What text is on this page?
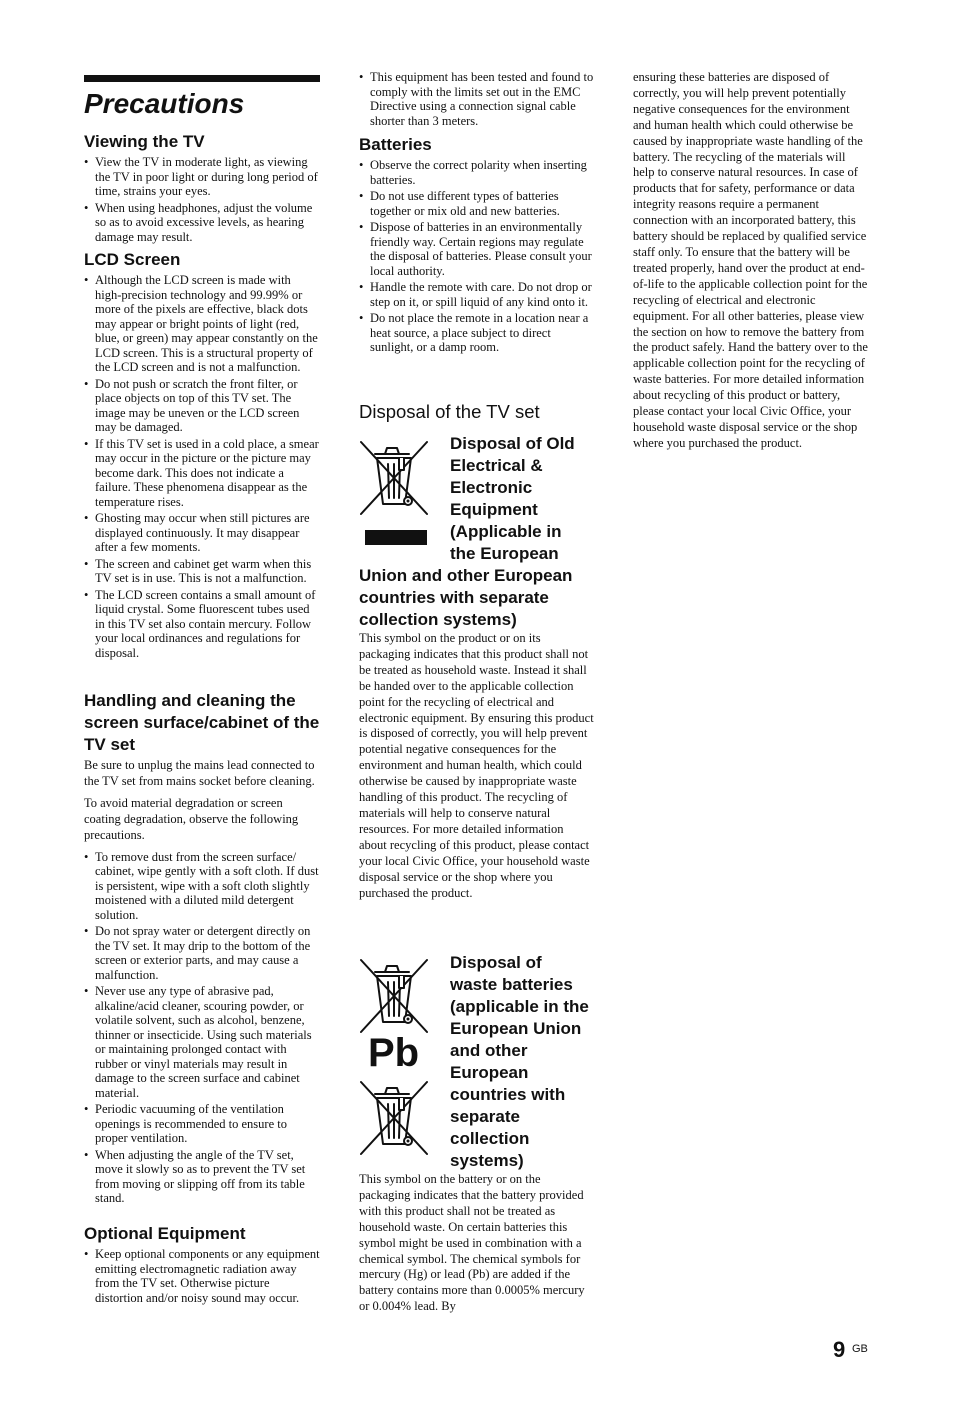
Precautions
Viewing the TV
• View the TV in moderate light, as viewing the TV in poor light or during long period of time, strains your eyes.
• When using headphones, adjust the volume so as to avoid excessive levels, as hearing damage may result.
LCD Screen
• Although the LCD screen is made with high-precision technology and 99.99% or more of the pixels are effective, black dots may appear or bright points of light (red, blue, or green) may appear constantly on the LCD screen. This is a structural property of the LCD screen and is not a malfunction.
• Do not push or scratch the front filter, or place objects on top of this TV set. The image may be uneven or the LCD screen may be damaged.
• If this TV set is used in a cold place, a smear may occur in the picture or the picture may become dark. This does not indicate a failure. These phenomena disappear as the temperature rises.
• Ghosting may occur when still pictures are displayed continuously. It may disappear after a few moments.
• The screen and cabinet get warm when this TV set is in use. This is not a malfunction.
• The LCD screen contains a small amount of liquid crystal. Some fluorescent tubes used in this TV set also contain mercury. Follow your local ordinances and regulations for disposal.
Handling and cleaning the screen surface/cabinet of the TV set

Be sure to unplug the mains lead connected to the TV set from mains socket before cleaning.

To avoid material degradation or screen coating degradation, observe the following precautions.

• To remove dust from the screen surface/ cabinet, wipe gently with a soft cloth. If dust is persistent, wipe with a soft cloth slightly moistened with a diluted mild detergent solution.
• Do not spray water or detergent directly on the TV set. It may drip to the bottom of the screen or exterior parts, and may cause a malfunction.
• Never use any type of abrasive pad, alkaline/acid cleaner, scouring powder, or volatile solvent, such as alcohol, benzene, thinner or insecticide. Using such materials or maintaining prolonged contact with rubber or vinyl materials may result in damage to the screen surface and cabinet material.
• Periodic vacuuming of the ventilation openings is recommended to ensure to proper ventilation.
• When adjusting the angle of the TV set, move it slowly so as to prevent the TV set from moving or slipping off from its table stand.
Optional Equipment
• Keep optional components or any equipment emitting electromagnetic radiation away from the TV set. Otherwise picture distortion and/or noisy sound may occur.
• This equipment has been tested and found to comply with the limits set out in the EMC Directive using a connection signal cable shorter than 3 meters.
Batteries
• Observe the correct polarity when inserting batteries.
• Do not use different types of batteries together or mix old and new batteries.
• Dispose of batteries in an environmentally friendly way. Certain regions may regulate the disposal of batteries. Please consult your local authority.
• Handle the remote with care. Do not drop or step on it, or spill liquid of any kind onto it.
• Do not place the remote in a location near a heat source, a place subject to direct sunlight, or a damp room.
Disposal of the TV set
Disposal of Old
Electrical &
Electronic
Equipment
(Applicable in
the European
Union and other European
countries with separate
collection systems)

This symbol on the product or on its packaging indicates that this product shall not be treated as household waste. Instead it shall be handed over to the applicable collection point for the recycling of electrical and electronic equipment. By ensuring this product is disposed of correctly, you will help prevent potential negative consequences for the environment and human health, which could otherwise be caused by inappropriate waste handling of this product. The recycling of materials will help to conserve natural resources. For more detailed information about recycling of this product, please contact your local Civic Office, your household waste disposal service or the shop where you purchased the product.

Pb
Disposal of
waste batteries
(applicable in the
European Union
and other
European
countries with
separate
collection
systems)

This symbol on the battery or on the packaging indicates that the battery provided with this product shall not be treated as household waste. On certain batteries this symbol might be used in combination with a chemical symbol. The chemical symbols for mercury (Hg) or lead (Pb) are added if the battery contains more than 0.0005% mercury or 0.004% lead. By

ensuring these batteries are disposed of correctly, you will help prevent potentially negative consequences for the environment and human health which could otherwise be caused by inappropriate waste handling of the battery. The recycling of the materials will help to conserve natural resources. In case of products that for safety, performance or data integrity reasons require a permanent connection with an incorporated battery, this battery should be replaced by qualified service staff only. To ensure that the battery will be treated properly, hand over the product at end-of-life to the applicable collection point for the recycling of electrical and electronic equipment. For all other batteries, please view the section on how to remove the battery from the product safely. Hand the battery over to the applicable collection point for the recycling of waste batteries. For more detailed information about recycling of this product or battery, please contact your local Civic Office, your household waste disposal service or the shop where you purchased the product.

9 GB
